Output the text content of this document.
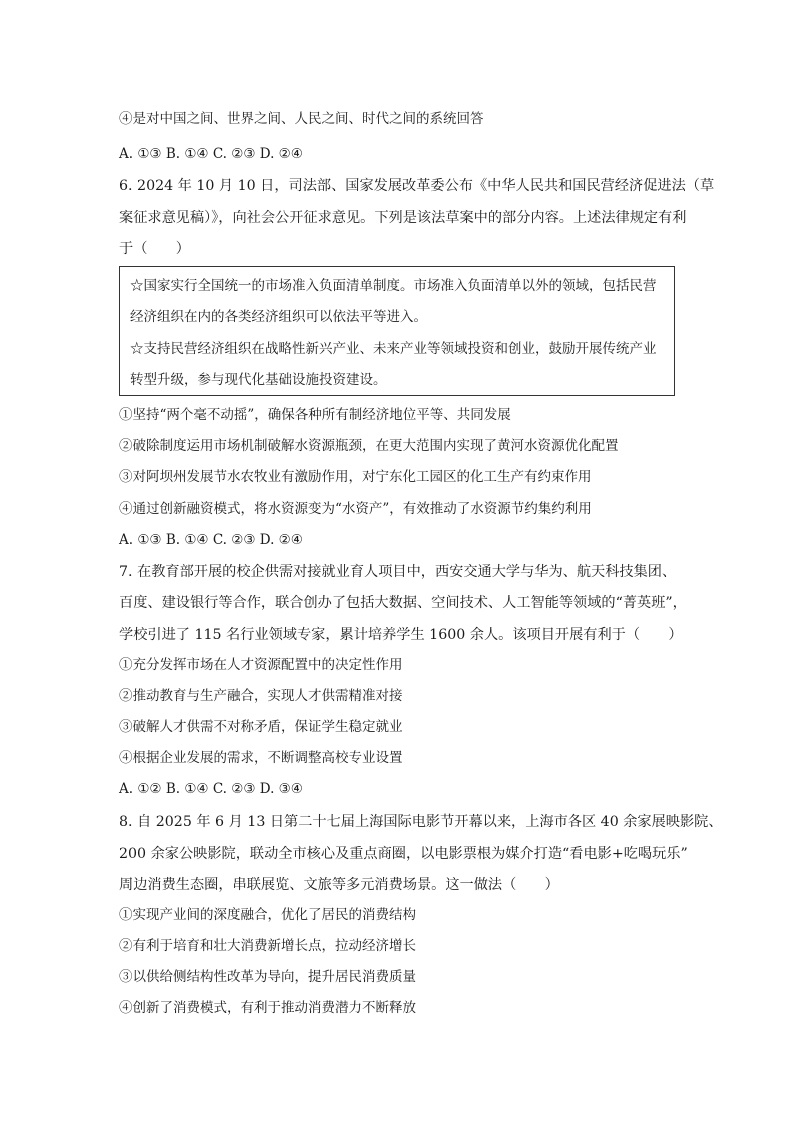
④是对中国之间、世界之间、人民之间、时代之间的系统回答
A. ①③ B. ①④ C. ②③ D. ②④
6. 2024 年 10 月 10 日，司法部、国家发展改革委公布《中华人民共和国民营经济促进法（草
案征求意见稿）》，向社会公开征求意见。下列是该法草案中的部分内容。上述法律规定有利
于（　　）
☆国家实行全国统一的市场准入负面清单制度。市场准入负面清单以外的领域，包括民营
经济组织在内的各类经济组织可以依法平等进入。
☆支持民营经济组织在战略性新兴产业、未来产业等领域投资和创业，鼓励开展传统产业
转型升级，参与现代化基础设施投资建设。
①坚持“两个毫不动摇”，确保各种所有制经济地位平等、共同发展
②破除制度运用市场机制破解水资源瓶颈，在更大范围内实现了黄河水资源优化配置
③对阿坝州发展节水农牧业有激励作用，对宁东化工园区的化工生产有约束作用
④通过创新融资模式，将水资源变为“水资产”，有效推动了水资源节约集约利用
A. ①③ B. ①④ C. ②③ D. ②④
7. 在教育部开展的校企供需对接就业育人项目中，西安交通大学与华为、航天科技集团、
百度、建设银行等合作，联合创办了包括大数据、空间技术、人工智能等领域的“菁英班”，
学校引进了 115 名行业领域专家，累计培养学生 1600 余人。该项目开展有利于（　　）
①充分发挥市场在人才资源配置中的决定性作用
②推动教育与生产融合，实现人才供需精准对接
③破解人才供需不对称矛盾，保证学生稳定就业
④根据企业发展的需求，不断调整高校专业设置
A. ①② B. ①④ C. ②③ D. ③④
8. 自 2025 年 6 月 13 日第二十七届上海国际电影节开幕以来，上海市各区 40 余家展映影院、
200 余家公映影院，联动全市核心及重点商圈，以电影票根为媒介打造“看电影+吃喝玩乐”
周边消费生态圈，串联展览、文旅等多元消费场景。这一做法（　　）
①实现产业间的深度融合，优化了居民的消费结构
②有利于培育和壮大消费新增长点，拉动经济增长
③以供给侧结构性改革为导向，提升居民消费质量
④创新了消费模式，有利于推动消费潜力不断释放
